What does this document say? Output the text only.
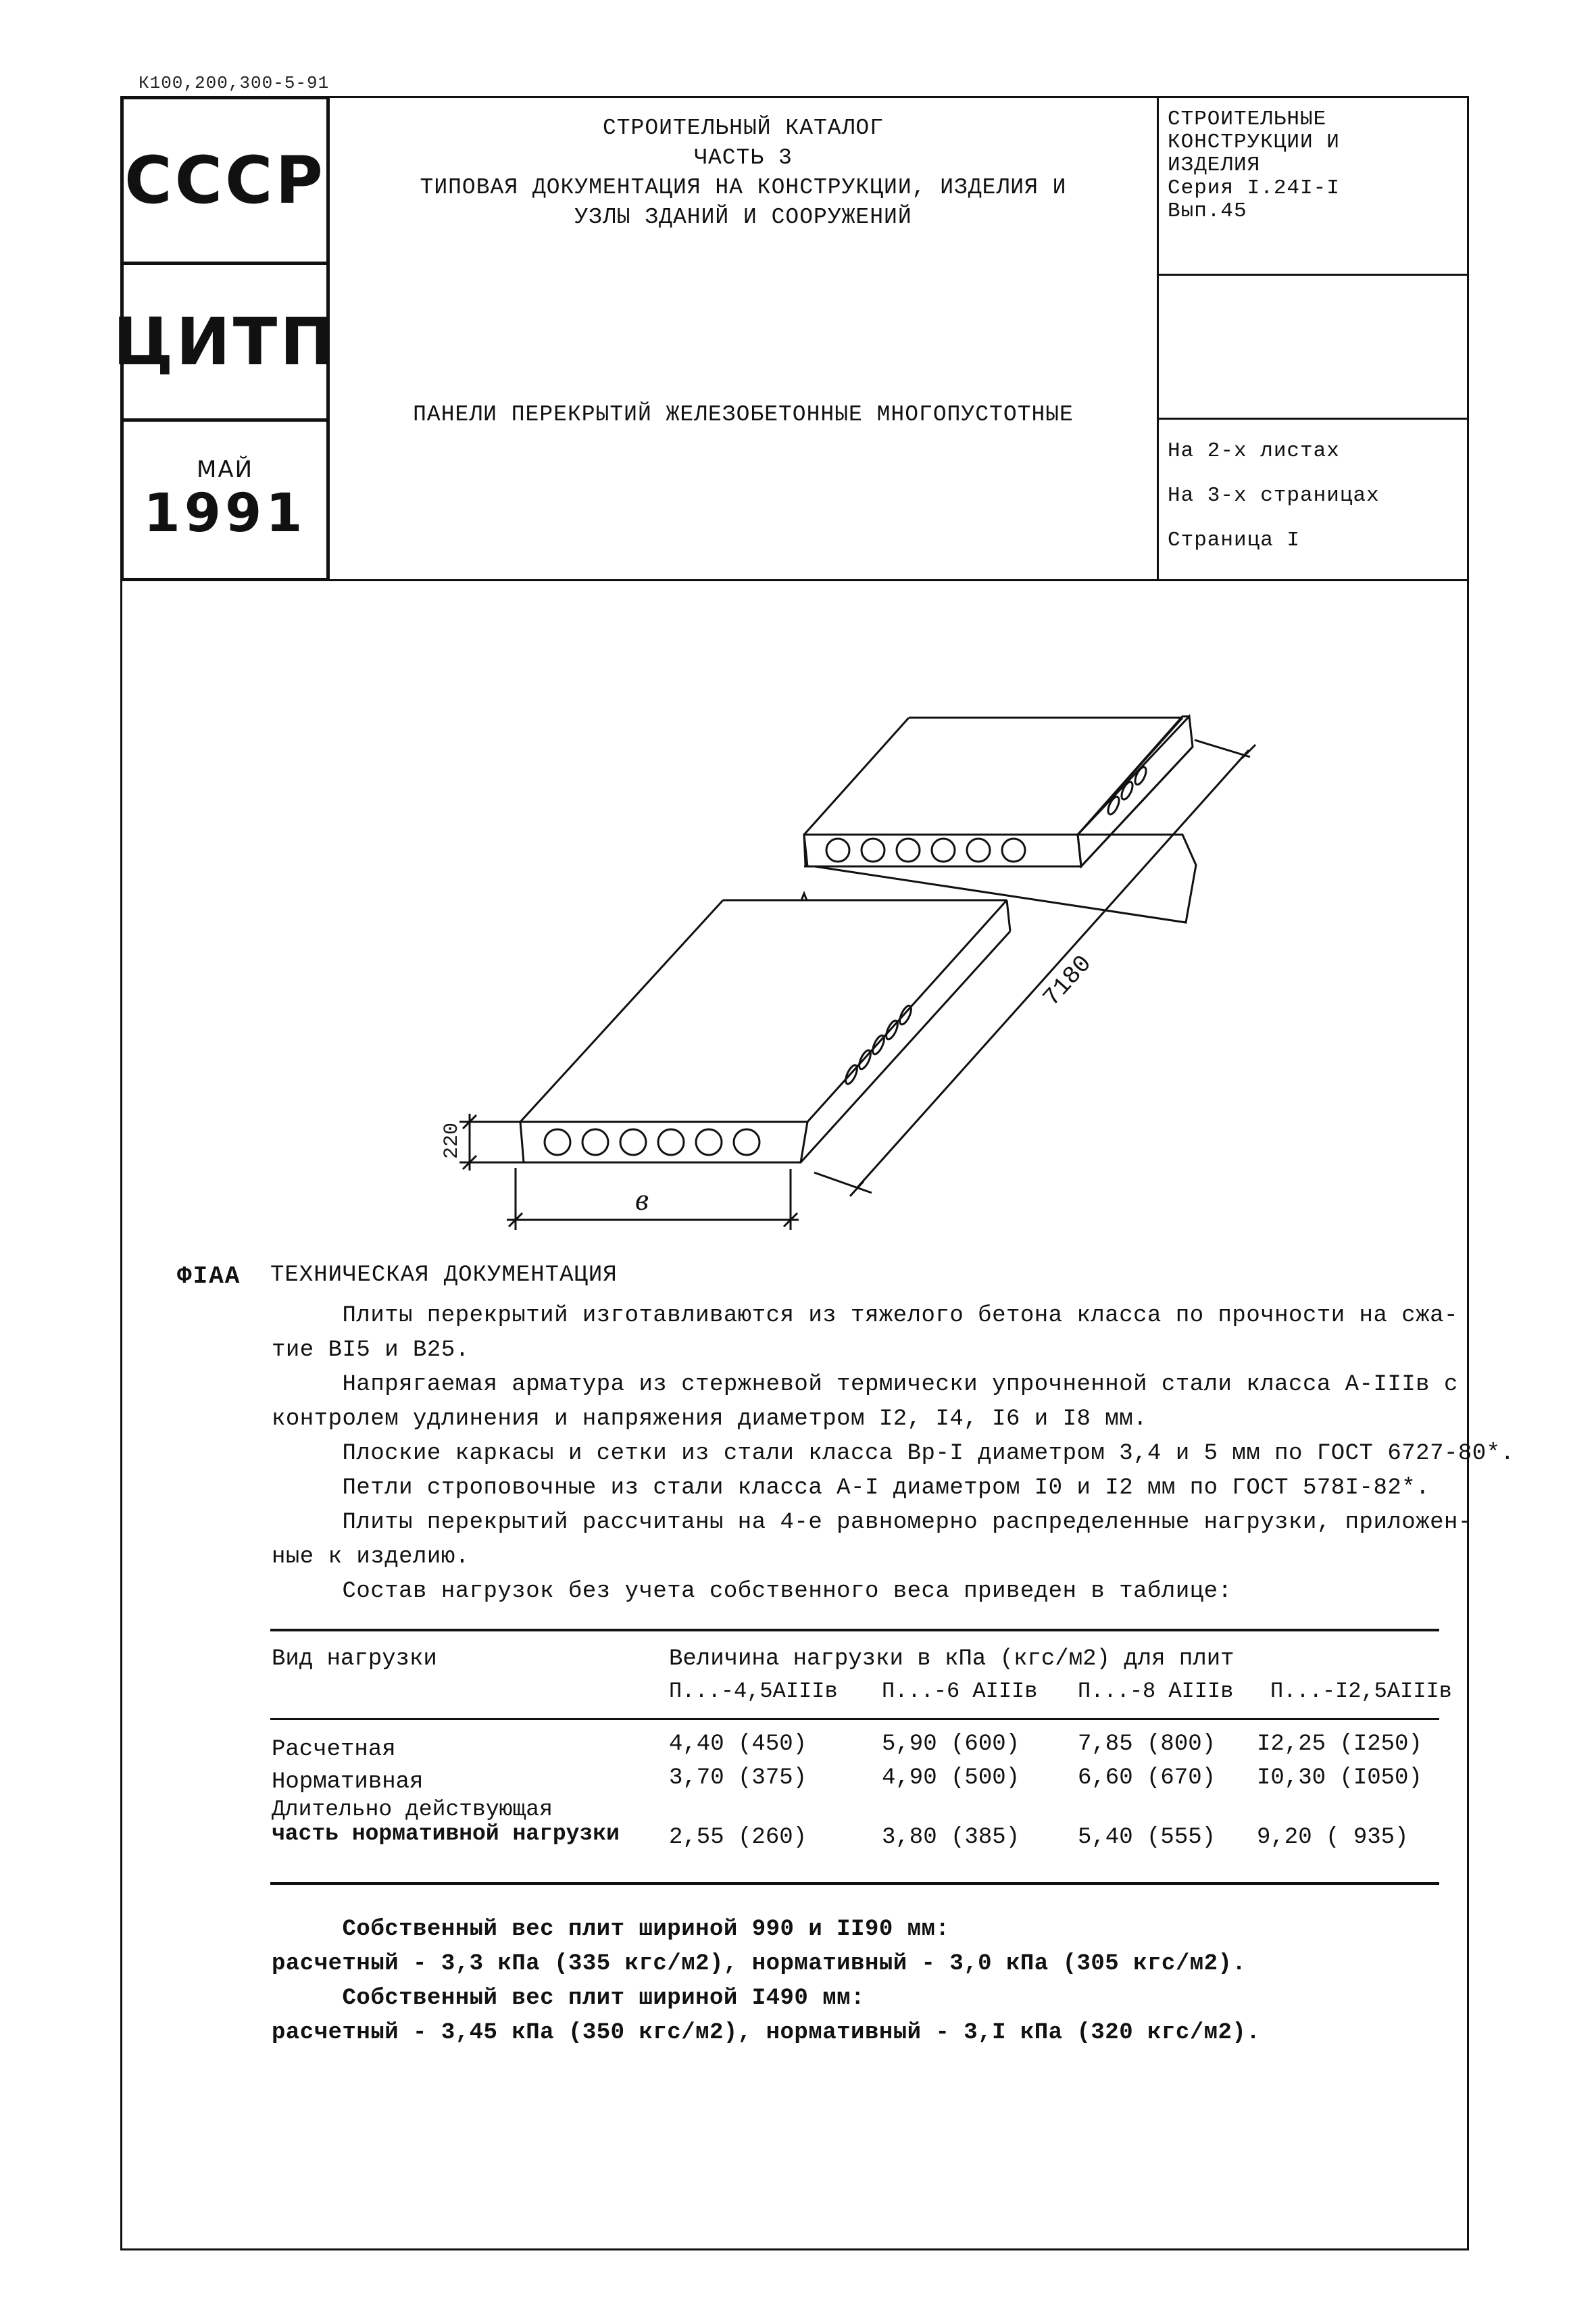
К100,200,300-5-91
СССР
ЦИТП
МАЙ
1991
СТРОИТЕЛЬНЫЙ КАТАЛОГ
ЧАСТЬ 3
ТИПОВАЯ ДОКУМЕНТАЦИЯ НА КОНСТРУКЦИИ, ИЗДЕЛИЯ И
УЗЛЫ ЗДАНИЙ И СООРУЖЕНИЙ
ПАНЕЛИ ПЕРЕКРЫТИЙ ЖЕЛЕЗОБЕТОННЫЕ МНОГОПУСТОТНЫЕ
СТРОИТЕЛЬНЫЕ
КОНСТРУКЦИИ И
ИЗДЕЛИЯ
Серия I.24I-I
Вып.45
На 2-х листах
На 3-х страницах
Страница I
7180
220
в
ФIАА ТЕХНИЧЕСКАЯ ДОКУМЕНТАЦИЯ

Плиты перекрытий изготавливаются из тяжелого бетона класса по прочности на сжа-

тие ВI5 и В25.

Напрягаемая арматура из стержневой термически упрочненной стали класса А-IIIв с

контролем удлинения и напряжения диаметром I2, I4, I6 и I8 мм.

Плоские каркасы и сетки из стали класса Вр-I диаметром 3,4 и 5 мм по ГОСТ 6727-80*.

Петли строповочные из стали класса А-I диаметром I0 и I2 мм по ГОСТ 578I-82*.

Плиты перекрытий рассчитаны на 4-е равномерно распределенные нагрузки, приложен-

ные к изделию.

Состав нагрузок без учета собственного веса приведен в таблице:

Вид нагрузки	Величина нагрузки в кПа (кгс/м2) для плит
П...-4,5АIIIв П...-6 АIIIв П...-8 АIIIв П...-I2,5АIIIв
Расчетная	4,40 (450)	5,90 (600)	7,85 (800) I2,25 (I250)
Нормативная	3,70 (375)	4,90 (500)	6,60 (670) I0,30 (I050)
Длительно действующая
часть нормативной нагрузки 2,55 (260)	3,80 (385)	5,40 (555) 9,20 ( 935)

Собственный вес плит шириной 990 и II90 мм:

расчетный - 3,3 кПа (335 кгс/м2), нормативный - 3,0 кПа (305 кгс/м2).

Собственный вес плит шириной I490 мм:

расчетный - 3,45 кПа (350 кгс/м2), нормативный - 3,I кПа (320 кгс/м2).
